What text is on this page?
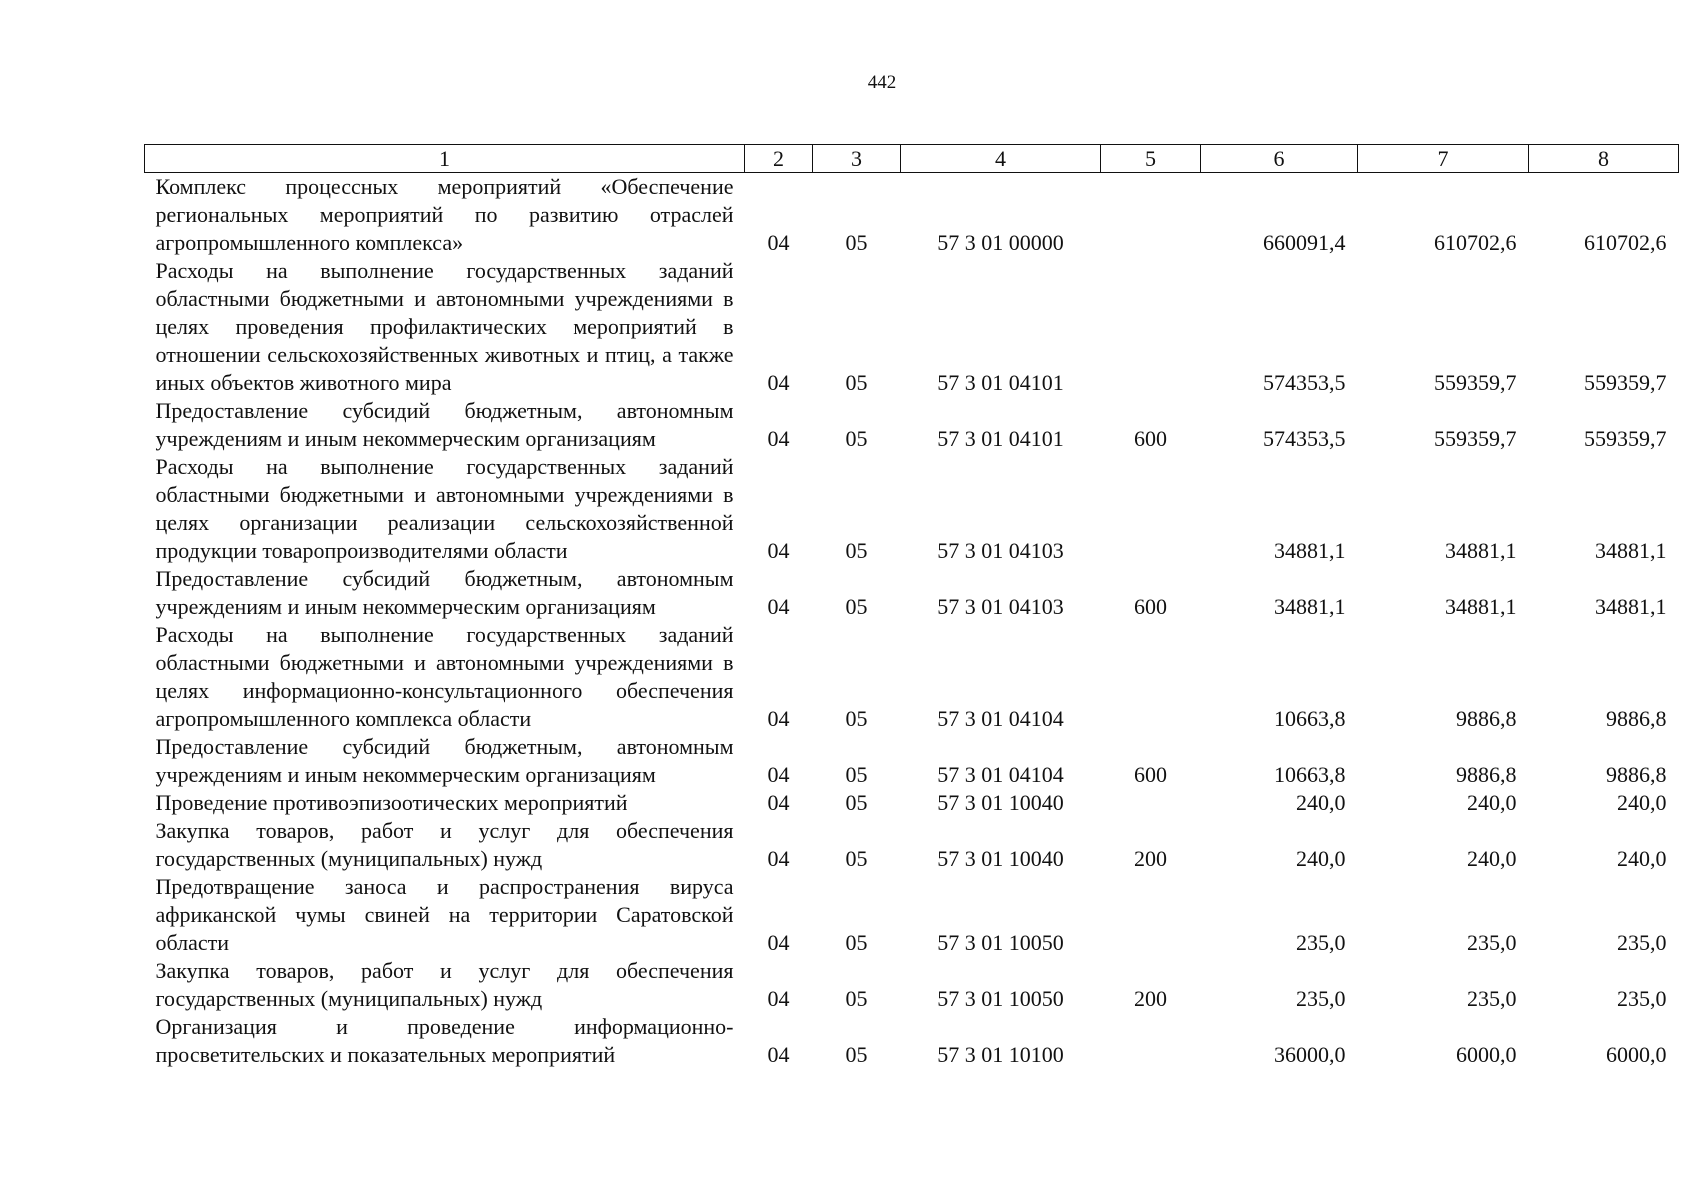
442
1	2	3	4	5	6	7	8
Комплекс процессных мероприятий «Обеспечение региональных мероприятий по развитию отраслей агропромышленного комплекса»	04	05	57 3 01 00000		660091,4	610702,6	610702,6
Расходы на выполнение государственных заданий областными бюджетными и автономными учреждениями в целях проведения профилактических мероприятий в отношении сельскохозяйственных животных и птиц, а также иных объектов животного мира	04	05	57 3 01 04101		574353,5	559359,7	559359,7
Предоставление субсидий бюджетным, автономным учреждениям и иным некоммерческим организациям	04	05	57 3 01 04101	600	574353,5	559359,7	559359,7
Расходы на выполнение государственных заданий областными бюджетными и автономными учреждениями в целях организации реализации сельскохозяйственной продукции товаропроизводителями области	04	05	57 3 01 04103		34881,1	34881,1	34881,1
Предоставление субсидий бюджетным, автономным учреждениям и иным некоммерческим организациям	04	05	57 3 01 04103	600	34881,1	34881,1	34881,1
Расходы на выполнение государственных заданий областными бюджетными и автономными учреждениями в целях информационно-консультационного обеспечения агропромышленного комплекса области	04	05	57 3 01 04104		10663,8	9886,8	9886,8
Предоставление субсидий бюджетным, автономным учреждениям и иным некоммерческим организациям	04	05	57 3 01 04104	600	10663,8	9886,8	9886,8
Проведение противоэпизоотических мероприятий	04	05	57 3 01 10040		240,0	240,0	240,0
Закупка товаров, работ и услуг для обеспечения государственных (муниципальных) нужд	04	05	57 3 01 10040	200	240,0	240,0	240,0
Предотвращение заноса и распространения вируса африканской чумы свиней на территории Саратовской области	04	05	57 3 01 10050		235,0	235,0	235,0
Закупка товаров, работ и услуг для обеспечения государственных (муниципальных) нужд	04	05	57 3 01 10050	200	235,0	235,0	235,0
Организация и проведение информационно-просветительских и показательных мероприятий	04	05	57 3 01 10100		36000,0	6000,0	6000,0
